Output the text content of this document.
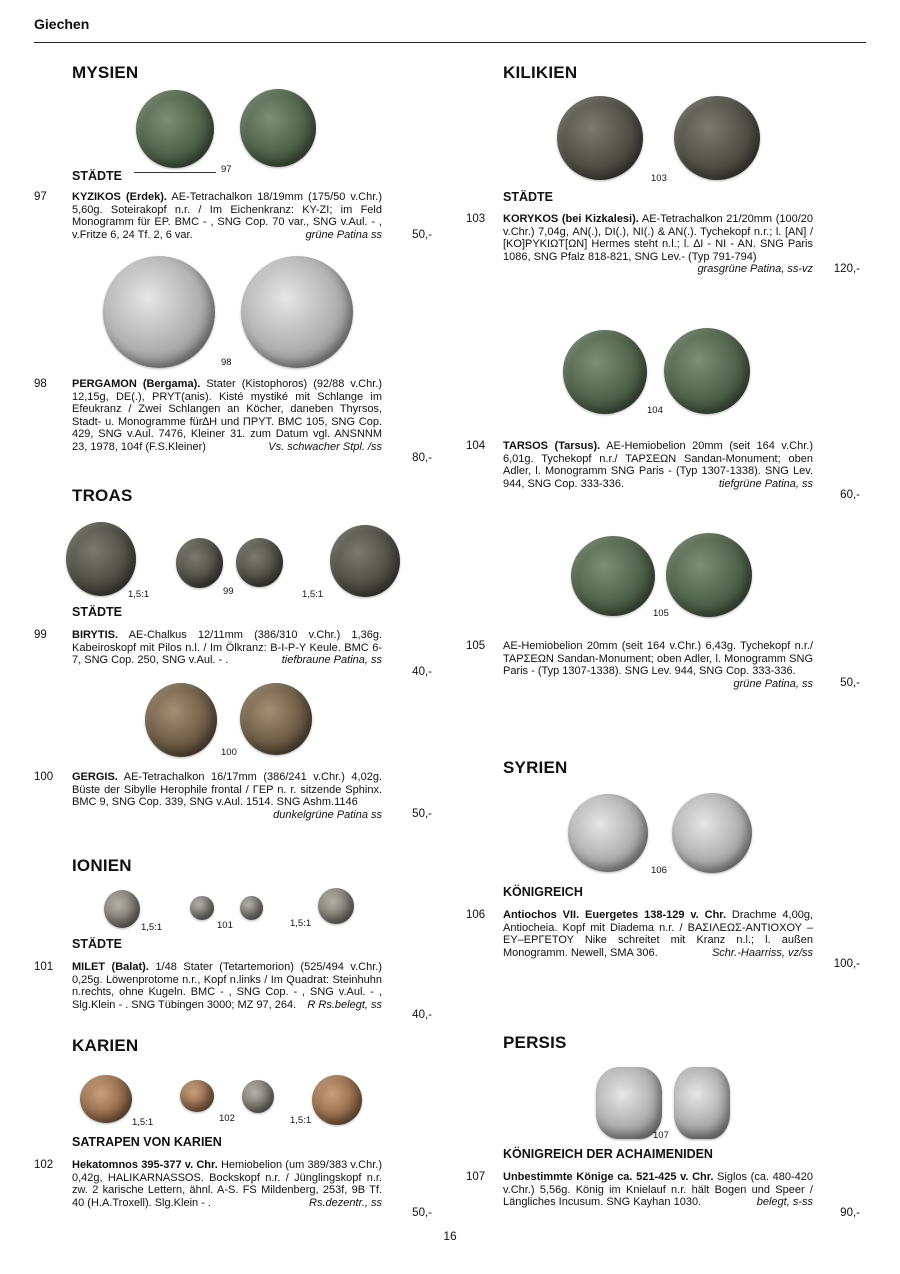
Giechen
MYSIEN
97
STÄDTE
97 KYZIKOS (Erdek). AE-Tetrachalkon 18/19mm (175/50 v.Chr.) 5,60g. Soteirakopf n.r. / Im Eichenkranz: KY-ZI; im Feld Monogramm für EP. BMC - , SNG Cop. 70 var., SNG v.Aul. - , v.Fritze 6, 24 Tf. 2, 6 var.	grüne Patina ss	50,-
98
98 PERGAMON (Bergama). Stater (Kistophoros) (92/88 v.Chr.) 12,15g, DE(.), PRYT(anis). Kisté mystiké mit Schlange im Efeukranz / Zwei Schlangen an Köcher, daneben Thyrsos, Stadt- u. Monogramme für∆H und ΠΡΥΤ. BMC 105, SNG Cop. 429, SNG v.Aul. 7476, Kleiner 31. zum Datum vgl. ANSNNM 23, 1978, 104f (F.S.Kleiner)	Vs. schwacher Stpl. /ss
80,-
TROAS
1,5:1	99	1,5:1
STÄDTE
99 BIRYTIS. AE-Chalkus 12/11mm (386/310 v.Chr.) 1,36g. Kabeiroskopf mit Pilos n.l. / Im Ölkranz: B-I-P-Y Keule. BMC 6-7, SNG Cop. 250, SNG v.Aul. - .	tiefbraune Patina, ss
40,-
100
100 GERGIS. AE-Tetrachalkon 16/17mm (386/241 v.Chr.) 4,02g. Büste der Sibylle Herophile frontal / ΓΕΡ n. r. sitzende Sphinx. BMC 9, SNG Cop. 339, SNG v.Aul. 1514. SNG Ashm.1146
dunkelgrüne Patina ss	50,-
IONIEN
1,5:1	101	1,5:1
STÄDTE
101 MILET (Balat). 1/48 Stater (Tetartemorion) (525/494 v.Chr.) 0,25g. Löwenprotome n.r., Kopf n.links / Im Quadrat: Steinhuhn n.rechts, ohne Kugeln. BMC - , SNG Cop. - , SNG v.Aul. - , Slg.Klein - . SNG Tübingen 3000; MZ 97, 264. R Rs.belegt, ss
40,-
KARIEN
1,5:1	102	1,5:1
SATRAPEN VON KARIEN
102 Hekatomnos 395-377 v. Chr. Hemiobelion (um 389/383 v.Chr.) 0,42g, HALIKARNASSOS. Bockskopf n.r. / Jünglingskopf n.r. zw. 2 karische Lettern, ähnl. A-S. FS Mildenberg, 253f, 9B Tf. 40 (H.A.Troxell). Slg.Klein - .	Rs.dezentr., ss
50,-
KILIKIEN
103
STÄDTE
103 KORYKOS (bei Kizkalesi). AE-Tetrachalkon 21/20mm (100/20 v.Chr.) 7,04g, ΑΝ(.), DI(.), NI(.) & AN(.). Tychekopf n.r.; l. [AN] / [KO]PYKIΩΤ[ΩN] Hermes steht n.l.; l. ∆I - NI - AN. SNG Paris 1086, SNG Pfalz 818-821, SNG Lev.- (Typ 791-794)
grasgrüne Patina, ss-vz	120,-
104
104 TARSOS (Tarsus). AE-Hemiobelion 20mm (seit 164 v.Chr.) 6,01g. Tychekopf n.r./ TAPΣΕΩΝ Sandan-Monument; oben Adler, l. Monogramm SNG Paris - (Typ 1307-1338). SNG Lev. 944, SNG Cop. 333-336.	tiefgrüne Patina, ss
60,-
105
105 AE-Hemiobelion 20mm (seit 164 v.Chr.) 6,43g. Tychekopf n.r./ TAPΣΕΩΝ Sandan-Monument; oben Adler, l. Monogramm SNG Paris - (Typ 1307-1338). SNG Lev. 944, SNG Cop. 333-336.
grüne Patina, ss	50,-
SYRIEN
106
KÖNIGREICH
106 Antiochos VII. Euergetes 138-129 v. Chr. Drachme 4,00g, Antiocheia. Kopf mit Diadema n.r. / ΒΑΣΙΛΕΩΣ-ΑΝΤΙΟΧΟΥ – ΕΥ–ΕΡΓΕΤΟΥ Nike schreitet mit Kranz n.l.; l. außen Monogramm. Newell, SMA 306.	Schr.-Haarriss, vz/ss
100,-
PERSIS
107
KÖNIGREICH DER ACHAIMENIDEN
107 Unbestimmte Könige ca. 521-425 v. Chr. Siglos (ca. 480-420 v.Chr.) 5,56g. König im Knielauf n.r. hält Bogen und Speer / Längliches Incusum. SNG Kayhan 1030.	belegt, s-ss
90,-
16
